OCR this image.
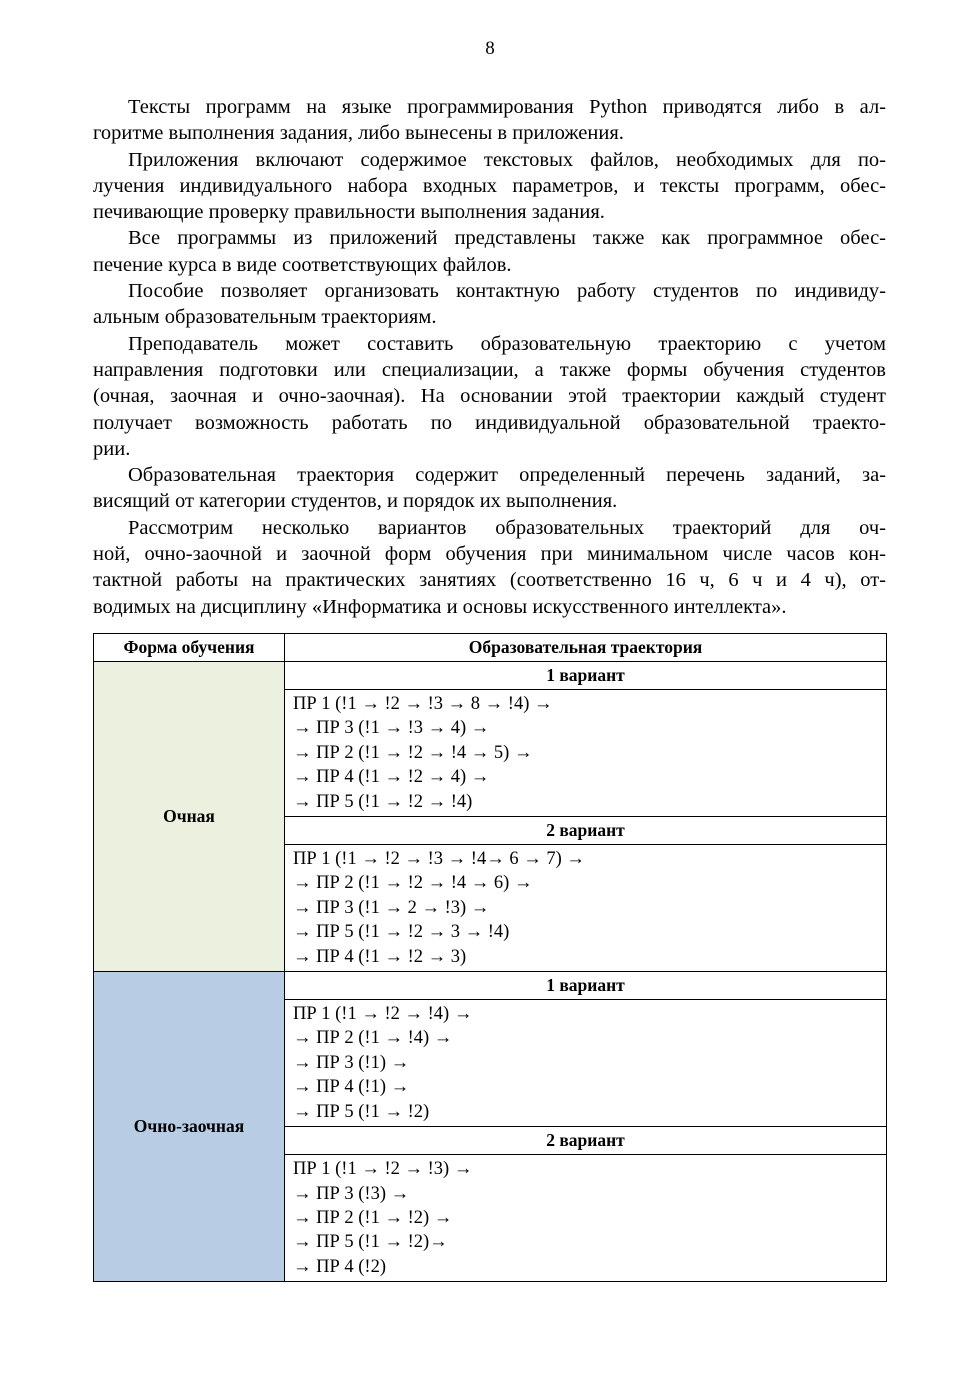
8
Тексты программ на языке программирования Python приводятся либо в ал-
горитме выполнения задания, либо вынесены в приложения.
Приложения включают содержимое текстовых файлов, необходимых для по-
лучения индивидуального набора входных параметров, и тексты программ, обес-
печивающие проверку правильности выполнения задания.
Все программы из приложений представлены также как программное обес-
печение курса в виде соответствующих файлов.
Пособие позволяет организовать контактную работу студентов по индивиду-
альным образовательным траекториям.
Преподаватель может составить образовательную траекторию с учетом
направления подготовки или специализации, а также формы обучения студентов
(очная, заочная и очно-заочная). На основании этой траектории каждый студент
получает возможность работать по индивидуальной образовательной траекто-
рии.
Образовательная траектория содержит определенный перечень заданий, за-
висящий от категории студентов, и порядок их выполнения.
Рассмотрим несколько вариантов образовательных траекторий для оч-
ной, очно-заочной и заочной форм обучения при минимальном числе часов кон-
тактной работы на практических занятиях (соответственно 16 ч, 6 ч и 4 ч), от-
водимых на дисциплину «Информатика и основы искусственного интеллекта».
Форма обучения	Образовательная траектория
Очная	1 вариант

	ПР 1 (!1 → !2 → !3 → 8 → !4) →
→ ПР 3 (!1 → !3 → 4) →
→ ПР 2 (!1 → !2 → !4 → 5) →
→ ПР 4 (!1 → !2 → 4) →
→ ПР 5 (!1 → !2 → !4)

	2 вариант

	ПР 1 (!1 → !2 → !3 → !4→ 6 → 7) →
→ ПР 2 (!1 → !2 → !4 → 6) →
→ ПР 3 (!1 → 2 → !3) →
→ ПР 5 (!1 → !2 → 3 → !4)
→ ПР 4 (!1 → !2 → 3)

Очно-заочная	1 вариант

	ПР 1 (!1 → !2 → !4) →
→ ПР 2 (!1 → !4) →
→ ПР 3 (!1) →
→ ПР 4 (!1) →
→ ПР 5 (!1 → !2)

	2 вариант

	ПР 1 (!1 → !2 → !3) →
→ ПР 3 (!3) →
→ ПР 2 (!1 → !2) →
→ ПР 5 (!1 → !2)→
→ ПР 4 (!2)
